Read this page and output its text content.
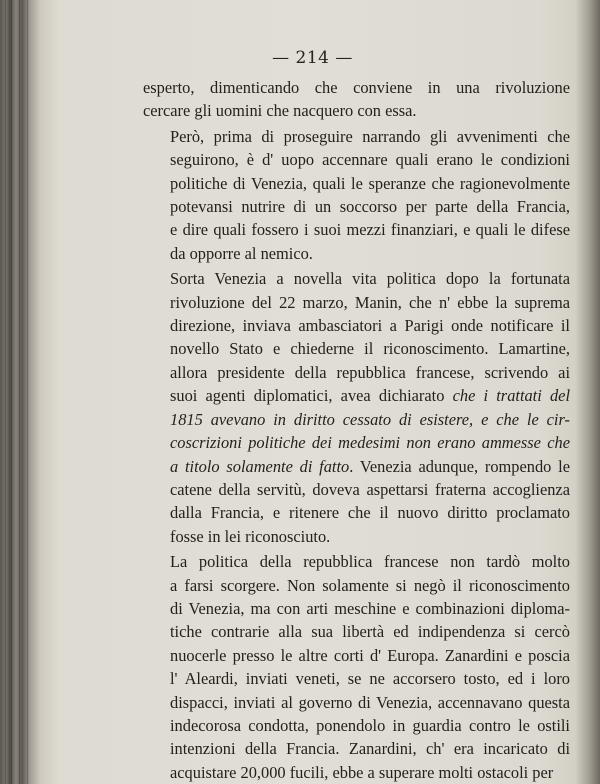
— 214 —
esperto, dimenticando che conviene in una rivoluzione
cercare gli uomini che nacquero con essa.
Però, prima di proseguire narrando gli avvenimenti che
seguirono, è d' uopo accennare quali erano le condizioni
politiche di Venezia, quali le speranze che ragionevolmente
potevansi nutrire di un soccorso per parte della Francia,
e dire quali fossero i suoi mezzi finanziari, e quali le difese
da opporre al nemico.
Sorta Venezia a novella vita politica dopo la fortunata
rivoluzione del 22 marzo, Manin, che n' ebbe la suprema
direzione, inviava ambasciatori a Parigi onde notificare il
novello Stato e chiederne il riconoscimento. Lamartine,
allora presidente della repubblica francese, scrivendo ai
suoi agenti diplomatici, avea dichiarato che i trattati del
1815 avevano in diritto cessato di esistere, e che le cir-
coscrizioni politiche dei medesimi non erano ammesse che
a titolo solamente di fatto. Venezia adunque, rompendo le
catene della servitù, doveva aspettarsi fraterna accoglienza
dalla Francia, e ritenere che il nuovo diritto proclamato
fosse in lei riconosciuto.
La politica della repubblica francese non tardò molto
a farsi scorgere. Non solamente si negò il riconoscimento
di Venezia, ma con arti meschine e combinazioni diploma-
tiche contrarie alla sua libertà ed indipendenza si cercò
nuocerle presso le altre corti d' Europa. Zanardini e poscia
l' Aleardi, inviati veneti, se ne accorsero tosto, ed i loro
dispacci, inviati al governo di Venezia, accennavano questa
indecorosa condotta, ponendolo in guardia contro le ostili
intenzioni della Francia. Zanardini, ch' era incaricato di
acquistare 20,000 fucili, ebbe a superare molti ostacoli per
